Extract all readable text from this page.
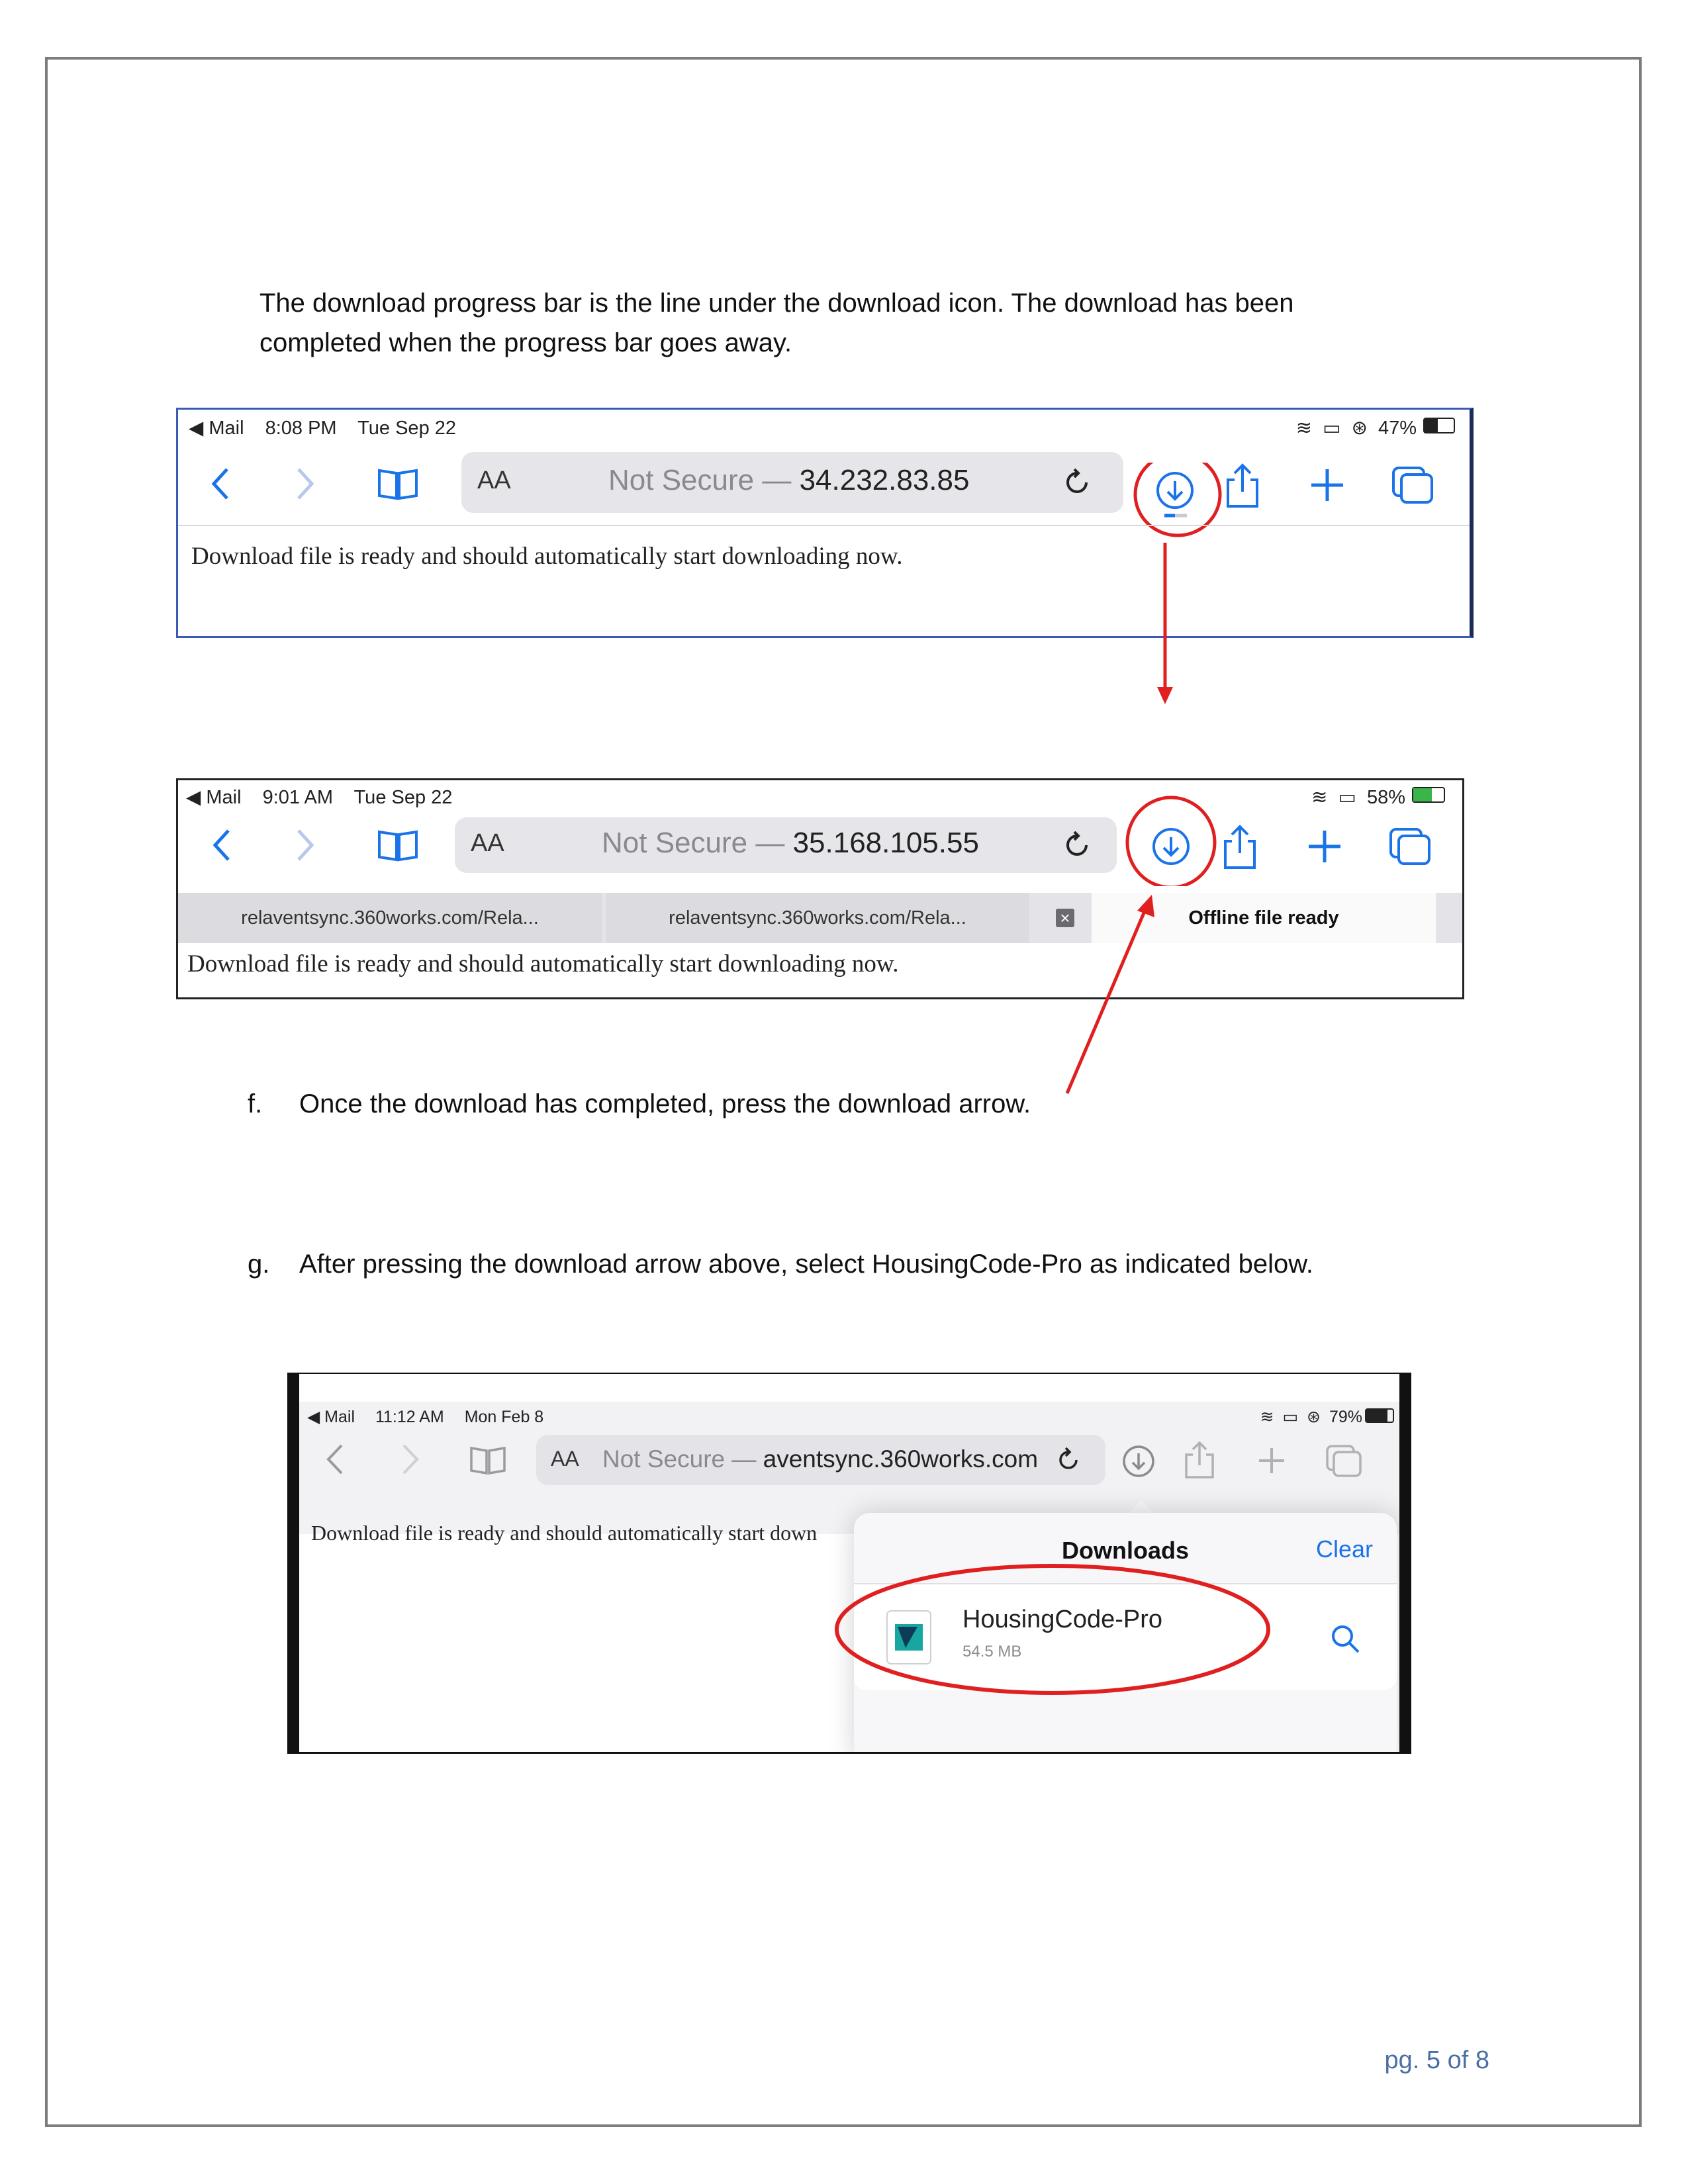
The download progress bar is the line under the download icon. The download has been
completed when the progress bar goes away.
◀ Mail 8:08 PM Tue Sep 22	≋ ▭ ⊛ 47%
AA	Not Secure — 34.232.83.85
Download file is ready and should automatically start downloading now.
◀ Mail 9:01 AM Tue Sep 22	≋ ▭ 58%
AA	Not Secure — 35.168.105.55
relaventsync.360works.com/Rela...	relaventsync.360works.com/Rela...	×	Offline file ready
Download file is ready and should automatically start downloading now.
f. Once the download has completed, press the download arrow.
g. After pressing the download arrow above, select HousingCode-Pro as indicated below.
◀ Mail 11:12 AM Mon Feb 8	≋ ▭ ⊛ 79%
AA Not Secure — aventsync.360works.com
Download file is ready and should automatically start down
Downloads	Clear
HousingCode-Pro
54.5 MB
pg. 5 of 8
